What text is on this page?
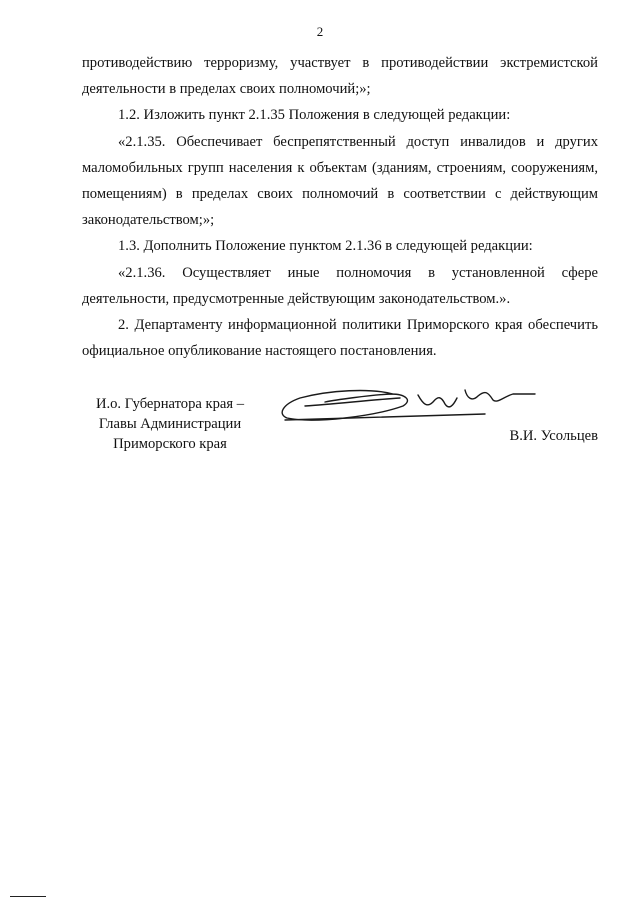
2

противодействию терроризму, участвует в противодействии экстремистской деятельности в пределах своих полномочий;»;

1.2. Изложить пункт 2.1.35 Положения в следующей редакции:

«2.1.35. Обеспечивает беспрепятственный доступ инвалидов и других маломобильных групп населения к объектам (зданиям, строениям, сооружениям, помещениям) в пределах своих полномочий в соответствии с действующим законодательством;»;

1.3. Дополнить Положение пунктом 2.1.36 в следующей редакции:

«2.1.36. Осуществляет иные полномочия в установленной сфере деятельности, предусмотренные действующим законодательством.».

2. Департаменту информационной политики Приморского края обеспечить официальное опубликование настоящего постановления.

И.о. Губернатора края –
Главы Администрации
Приморского края	В.И. Усольцев
